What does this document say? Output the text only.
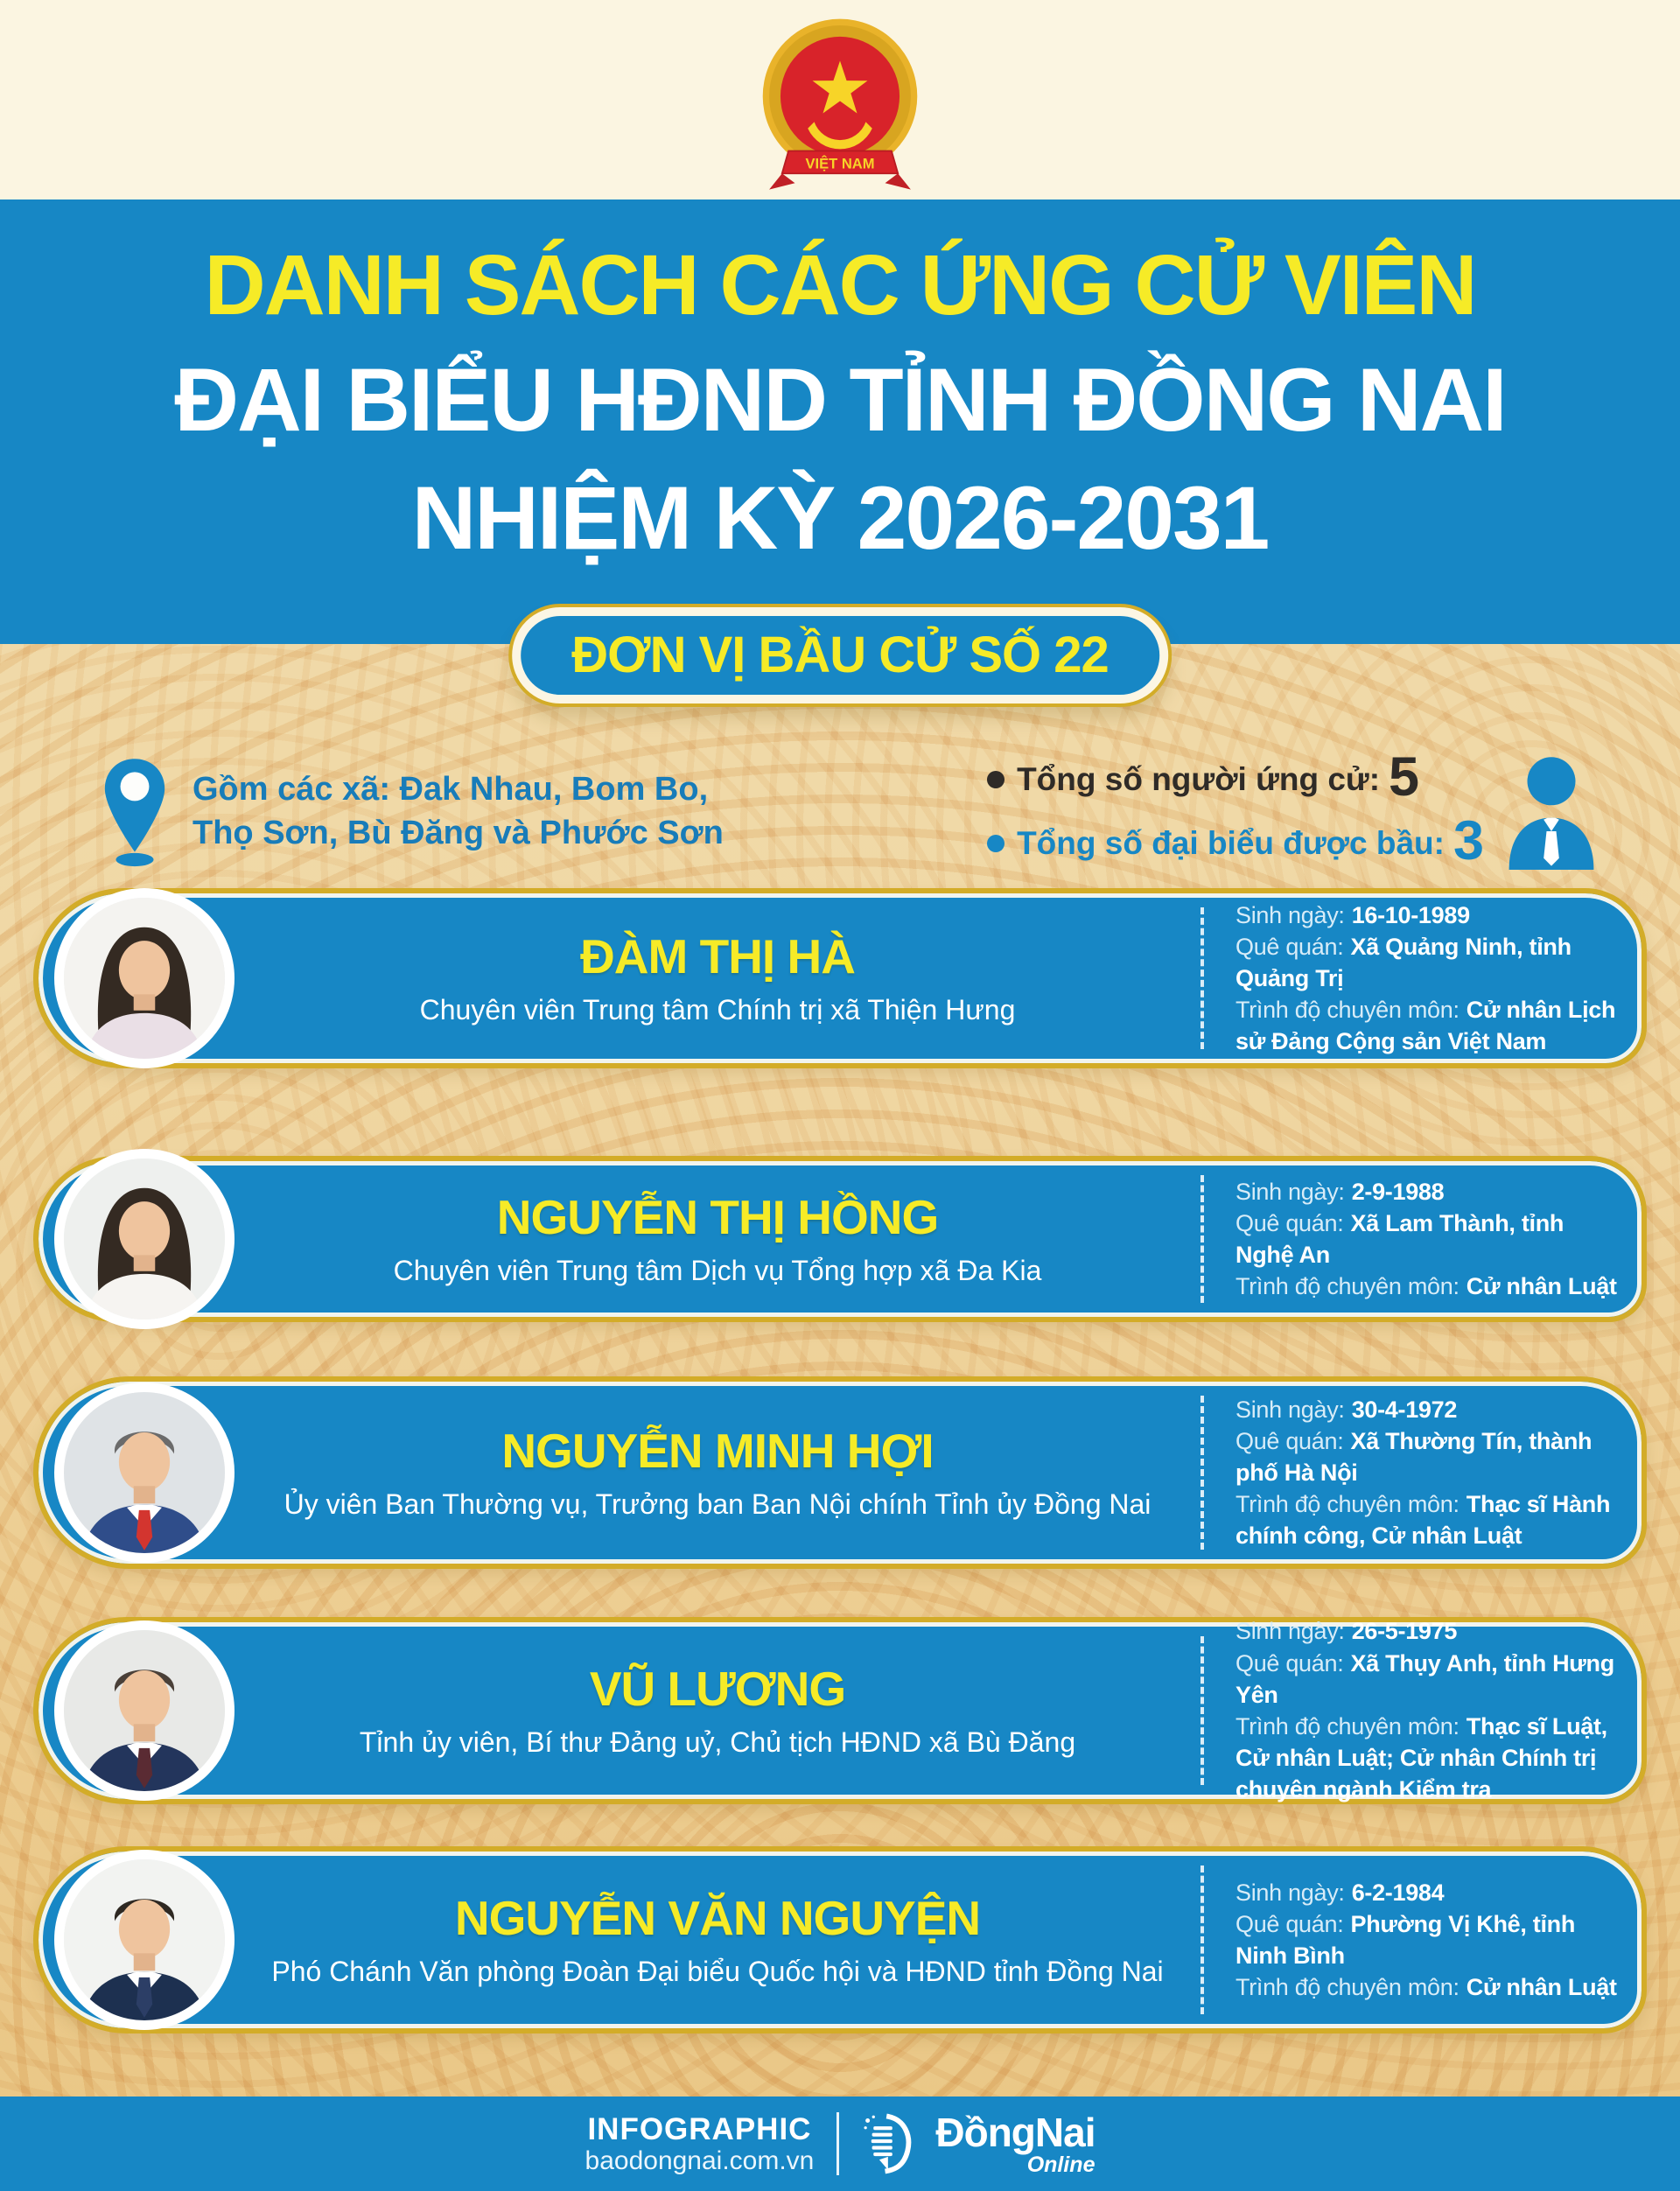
VIỆT NAM
DANH SÁCH CÁC ỨNG CỬ VIÊN
ĐẠI BIỂU HĐND TỈNH ĐỒNG NAI
NHIỆM KỲ 2026-2031
ĐƠN VỊ BẦU CỬ SỐ 22
Gồm các xã: Đak Nhau, Bom Bo, Thọ Sơn, Bù Đăng và Phước Sơn
Tổng số người ứng cử: 5
Tổng số đại biểu được bầu: 3
ĐÀM THỊ HÀ

Chuyên viên Trung tâm Chính trị xã Thiện Hưng

Sinh ngày: 16-10-1989

Quê quán: Xã Quảng Ninh, tỉnh Quảng Trị

Trình độ chuyên môn: Cử nhân Lịch sử Đảng Cộng sản Việt Nam

NGUYỄN THỊ HỒNG

Chuyên viên Trung tâm Dịch vụ Tổng hợp xã Đa Kia

Sinh ngày: 2-9-1988

Quê quán: Xã Lam Thành, tỉnh Nghệ An

Trình độ chuyên môn: Cử nhân Luật

NGUYỄN MINH HỢI

Ủy viên Ban Thường vụ, Trưởng ban Ban Nội chính Tỉnh ủy Đồng Nai

Sinh ngày: 30-4-1972

Quê quán: Xã Thường Tín, thành phố Hà Nội

Trình độ chuyên môn: Thạc sĩ Hành chính công, Cử nhân Luật

VŨ LƯƠNG

Tỉnh ủy viên, Bí thư Đảng uỷ, Chủ tịch HĐND xã Bù Đăng

Sinh ngày: 26-5-1975

Quê quán: Xã Thụy Anh, tỉnh Hưng Yên

Trình độ chuyên môn: Thạc sĩ Luật, Cử nhân Luật; Cử nhân Chính trị chuyên ngành Kiểm tra

NGUYỄN VĂN NGUYỆN

Phó Chánh Văn phòng Đoàn Đại biểu Quốc hội và HĐND tỉnh Đồng Nai

Sinh ngày: 6-2-1984

Quê quán: Phường Vị Khê, tỉnh Ninh Bình

Trình độ chuyên môn: Cử nhân Luật

INFOGRAPHIC
baodongnai.com.vn
ĐồngNai
Online
